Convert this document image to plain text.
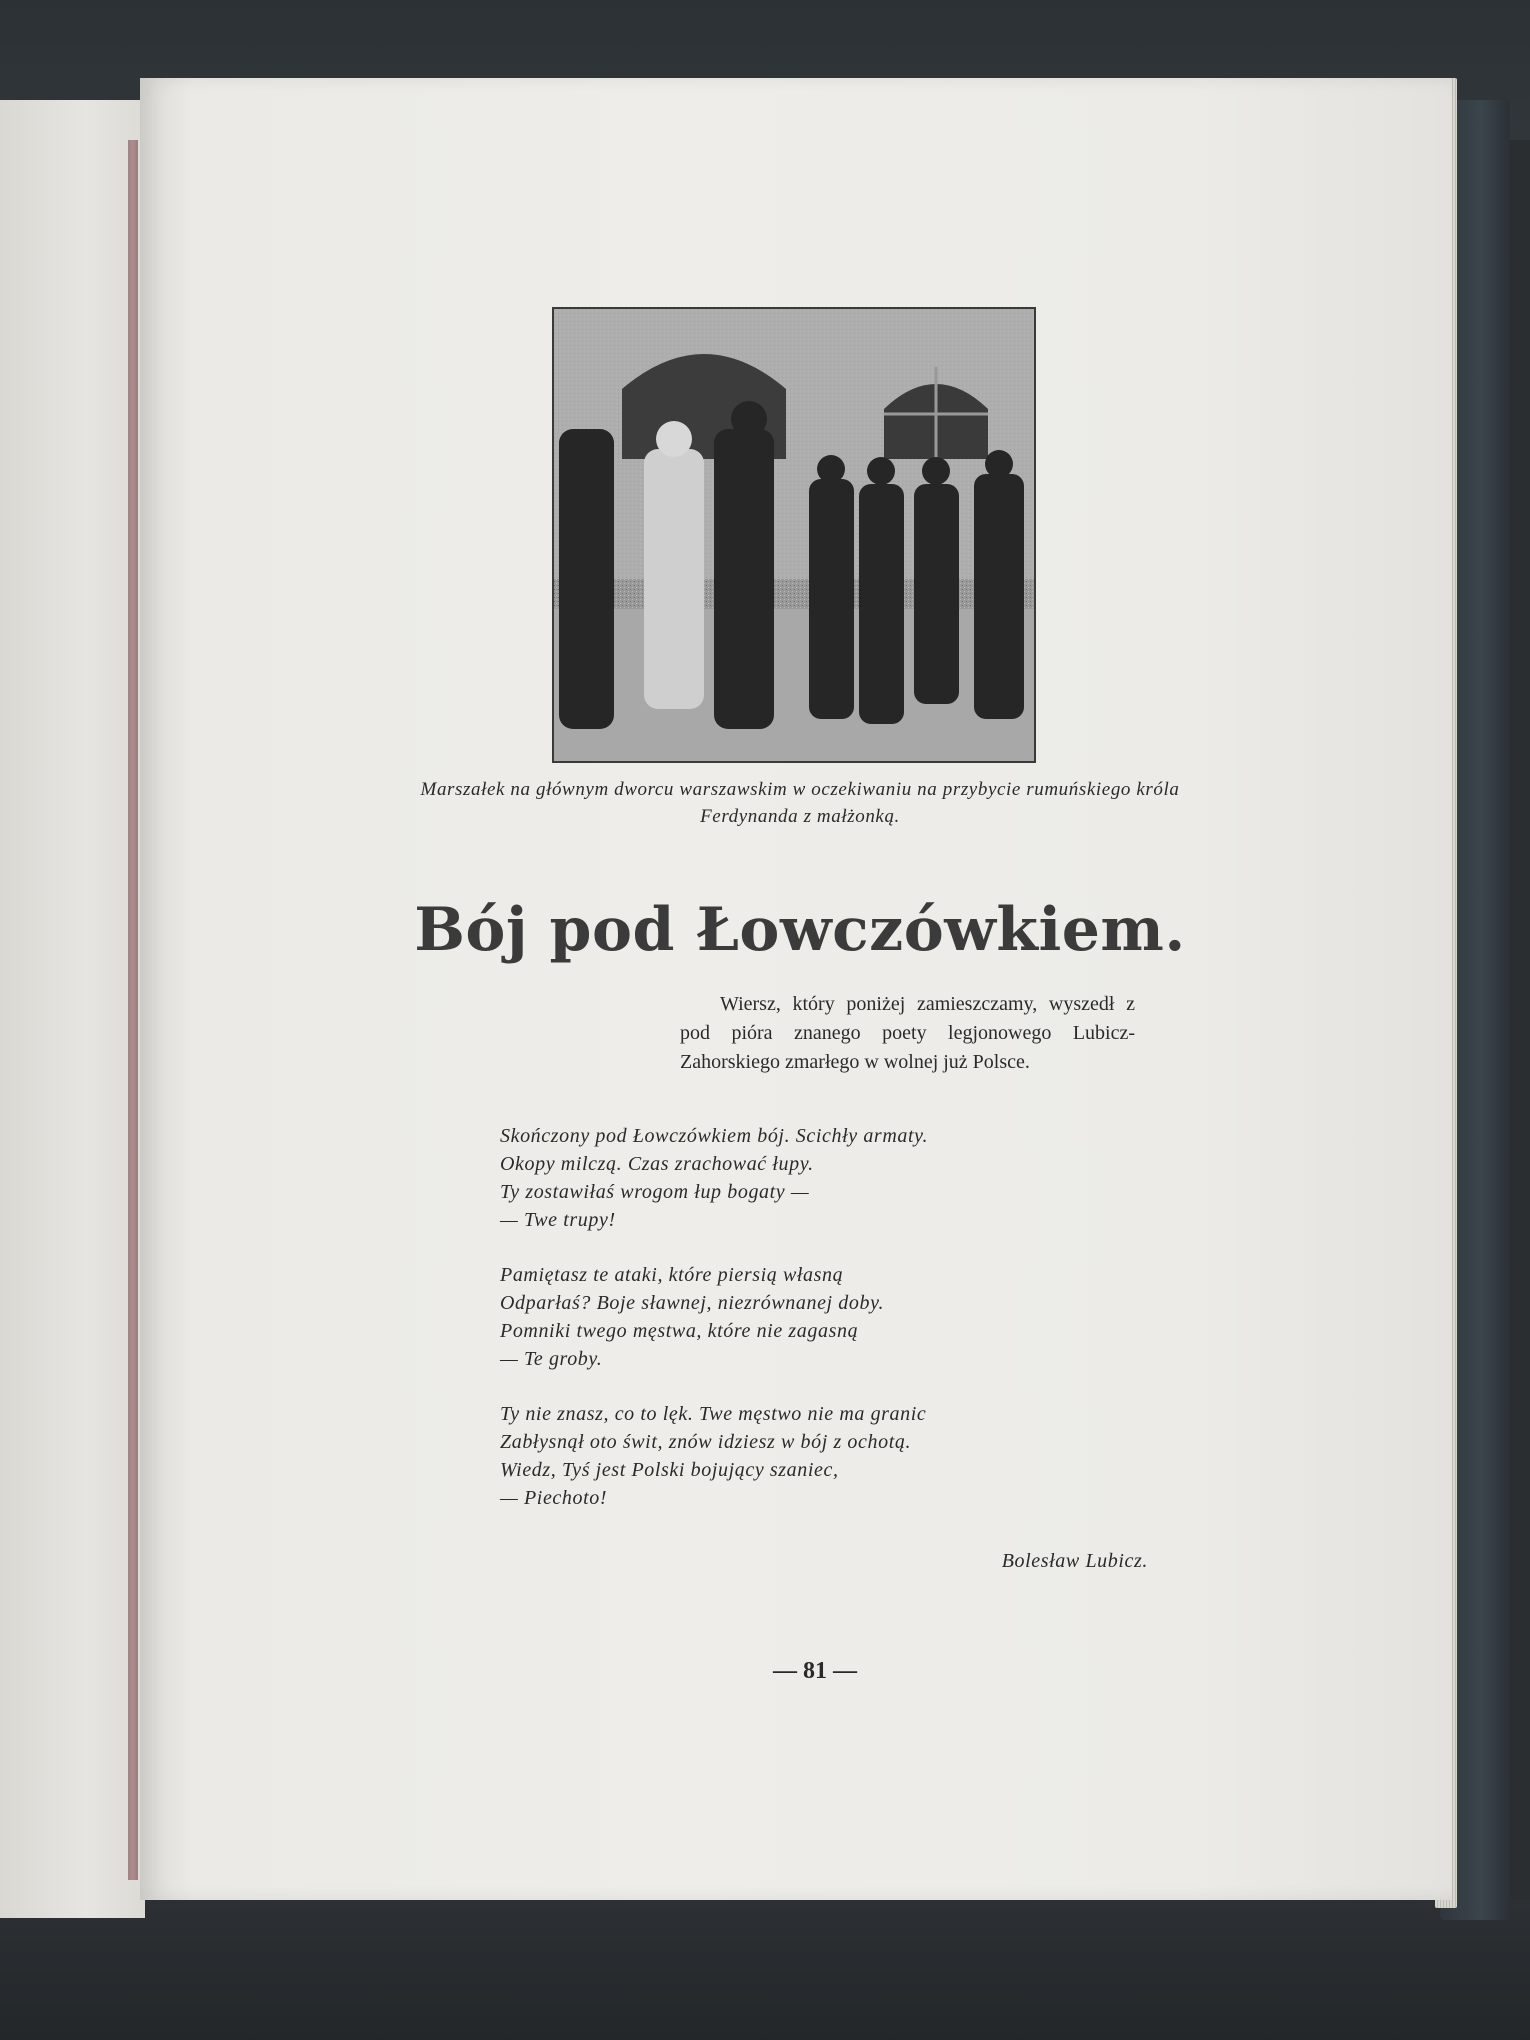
Marszałek na głównym dworcu warszawskim w oczekiwaniu na przybycie rumuńskiego króla
Ferdynanda z małżonką.
Bój pod Łowczówkiem.
Wiersz, który poniżej zamieszczamy, wyszedł z pod pióra znanego poety legjonowego Lubicz-Zahorskiego zmarłego w wolnej już Polsce.
Skończony pod Łowczówkiem bój. Scichły armaty.
Okopy milczą. Czas zrachować łupy.
Ty zostawiłaś wrogom łup bogaty —
— Twe trupy!
Pamiętasz te ataki, które piersią własną
Odparłaś? Boje sławnej, niezrównanej doby.
Pomniki twego męstwa, które nie zagasną
— Te groby.
Ty nie znasz, co to lęk. Twe męstwo nie ma granic
Zabłysnął oto świt, znów idziesz w bój z ochotą.
Wiedz, Tyś jest Polski bojujący szaniec,
— Piechoto!
Bolesław Lubicz.
— 81 —
